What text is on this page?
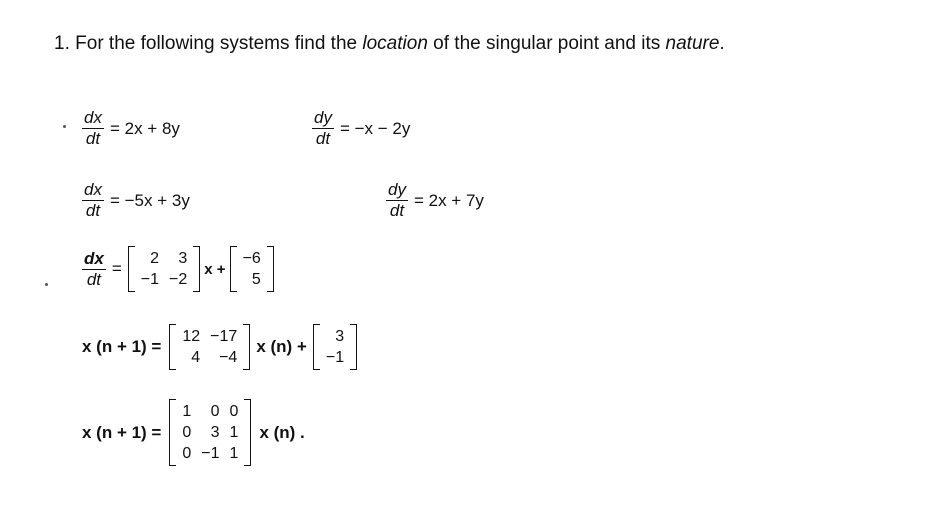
1. For the following systems find the location of the singular point and its nature.
$\frac{dx}{dt} = 2x + 8y$	$\frac{dy}{dt} = -x - 2y$
$\frac{dx}{dt} = -5x + 3y$	$\frac{dy}{dt} = 2x + 7y$
$\frac{dx}{dt}$ =
2	3
−1	−2
x +
−6
5
x (n + 1) =
12	−17
4	−4
x (n) +
3
−1
x (n + 1) =
1	0	0
0	3	1
0	−1	1
x (n) .
